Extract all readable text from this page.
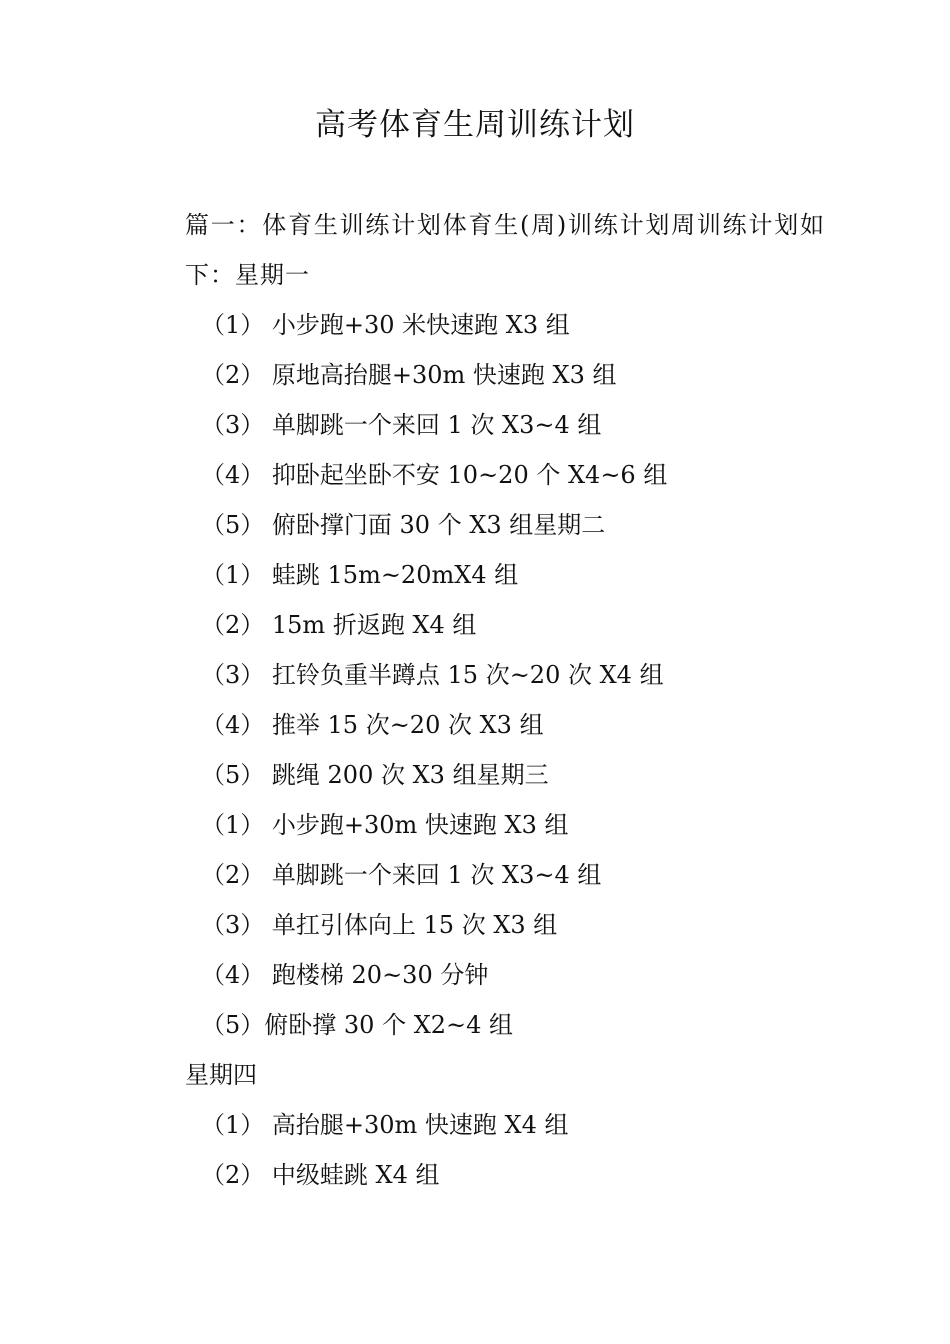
高考体育生周训练计划

篇一：体育生训练计划体育生(周)训练计划周训练计划如下：星期一

（1） 小步跑+30 米快速跑 X3 组

（2） 原地高抬腿+30m 快速跑 X3 组

（3） 单脚跳一个来回 1 次 X3~4 组

（4） 抑卧起坐卧不安 10~20 个 X4~6 组

（5） 俯卧撑门面 30 个 X3 组星期二

（1） 蛙跳 15m~20mX4 组

（2） 15m 折返跑 X4 组

（3） 扛铃负重半蹲点 15 次~20 次 X4 组

（4） 推举 15 次~20 次 X3 组

（5） 跳绳 200 次 X3 组星期三

（1） 小步跑+30m 快速跑 X3 组

（2） 单脚跳一个来回 1 次 X3~4 组

（3） 单扛引体向上 15 次 X3 组

（4） 跑楼梯 20~30 分钟

（5）俯卧撑 30 个 X2~4 组

星期四

（1） 高抬腿+30m 快速跑 X4 组

（2） 中级蛙跳 X4 组
